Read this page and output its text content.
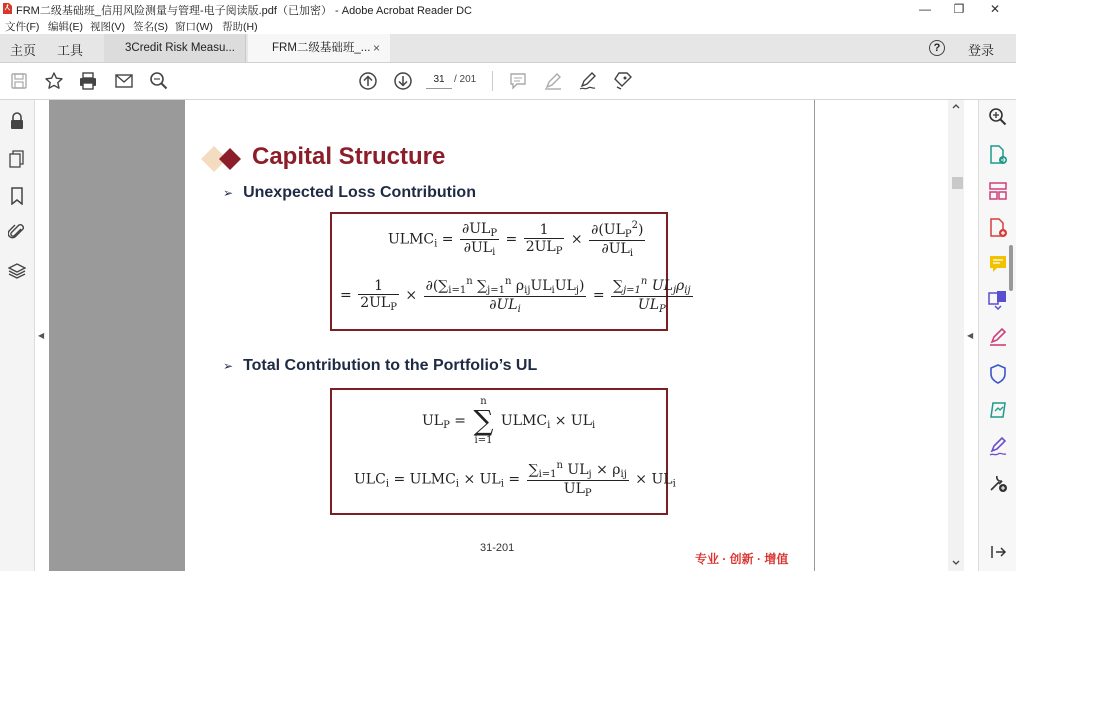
FRM二级基础班_信用风险测量与管理-电子阅读版.pdf（已加密） - Adobe Acrobat Reader DC	—	❐	✕
文件(F) 编辑(E) 视图(V) 签名(S) 窗口(W) 帮助(H)
主页 工具	3Credit Risk Measu...	FRM二级基础班_... ×	?	登录
31 / 201
◀
Capital Structure
➢ Unexpected Loss Contribution
$ULMC_i = \frac{\partial UL_P}{\partial UL_i} = \frac{1}{2UL_P} \times \frac{\partial(UL_P^2)}{\partial UL_i}$
= $\frac{1}{2UL_P} \times \frac{\partial(\sum_{i=1}^n \sum_{j=1}^n \rho_{ij}UL_iUL_j)}{\partial UL_i} = \frac{\sum_{j=1}^n UL_j\rho_{ij}}{UL_P}$
➢ Total Contribution to the Portfolio’s UL
$UL_P = n$
∑
i=1 $ULMC_i \times UL_i$
$ULC_i$ = $ULMC_i \times UL_i = \frac{\sum_{i=1}^n UL_j \times \rho_{ij}}{UL_P} \times UL_i$
31-201
专业 · 创新 · 增值
◀
